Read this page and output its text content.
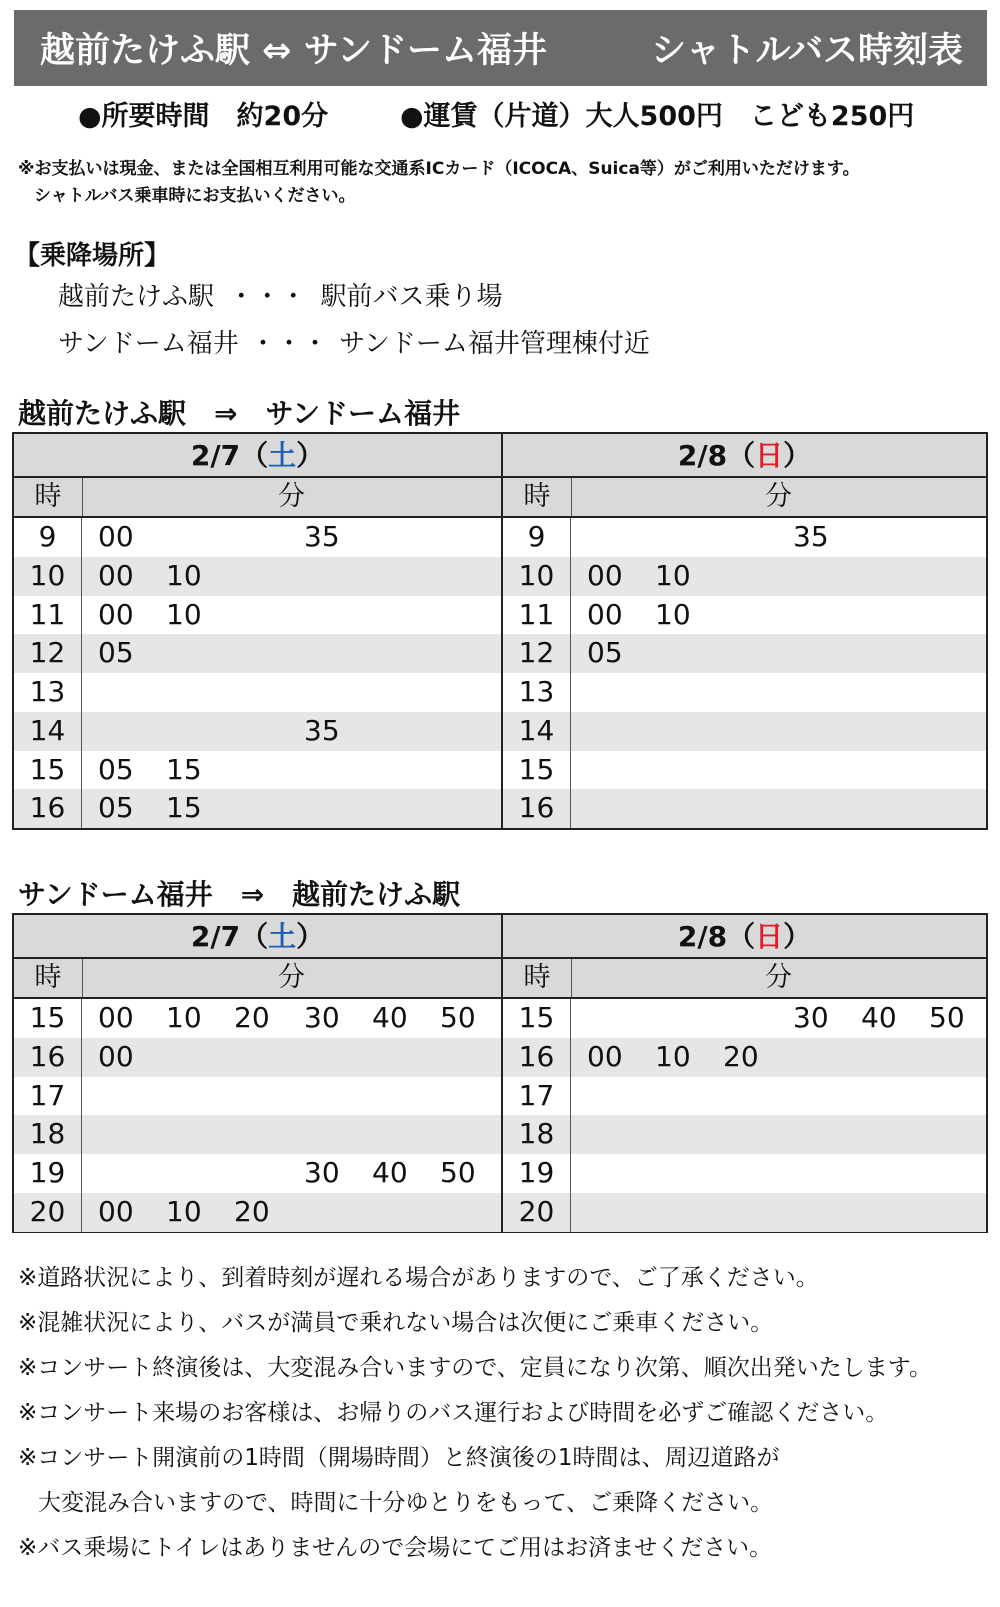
越前たけふ駅 ⇔ サンドーム福井	シャトルバス時刻表
●所要時間　約20分	●運賃（片道）大人500円　こども250円
※お支払いは現金、または全国相互利用可能な交通系ICカード（ICOCA、Suica等）がご利用いただけます。
シャトルバス乗車時にお支払いください。
【乗降場所】
越前たけふ駅 ・・・ 駅前バス乗り場
サンドーム福井 ・・・ サンドーム福井管理棟付近
越前たけふ駅　⇒　サンドーム福井
2/7（土）
時	分
9	00	35
10	00	10
11	00	10
12	05
13
14	35
15	05	15
16	05	15
2/8（日）
時	分
9	35
10	00	10
11	00	10
12	05
13
14
15
16
サンドーム福井　⇒　越前たけふ駅
2/7（土）
時	分
15	00	10	20	30	40	50
16	00
17
18
19	30	40	50
20	00	10	20
2/8（日）
時	分
15	30	40	50
16	00	10	20
17
18
19
20
※道路状況により、到着時刻が遅れる場合がありますので、ご了承ください。
※混雑状況により、バスが満員で乗れない場合は次便にご乗車ください。
※コンサート終演後は、大変混み合いますので、定員になり次第、順次出発いたします。
※コンサート来場のお客様は、お帰りのバス運行および時間を必ずご確認ください。
※コンサート開演前の1時間（開場時間）と終演後の1時間は、周辺道路が
大変混み合いますので、時間に十分ゆとりをもって、ご乗降ください。
※バス乗場にトイレはありませんので会場にてご用はお済ませください。
